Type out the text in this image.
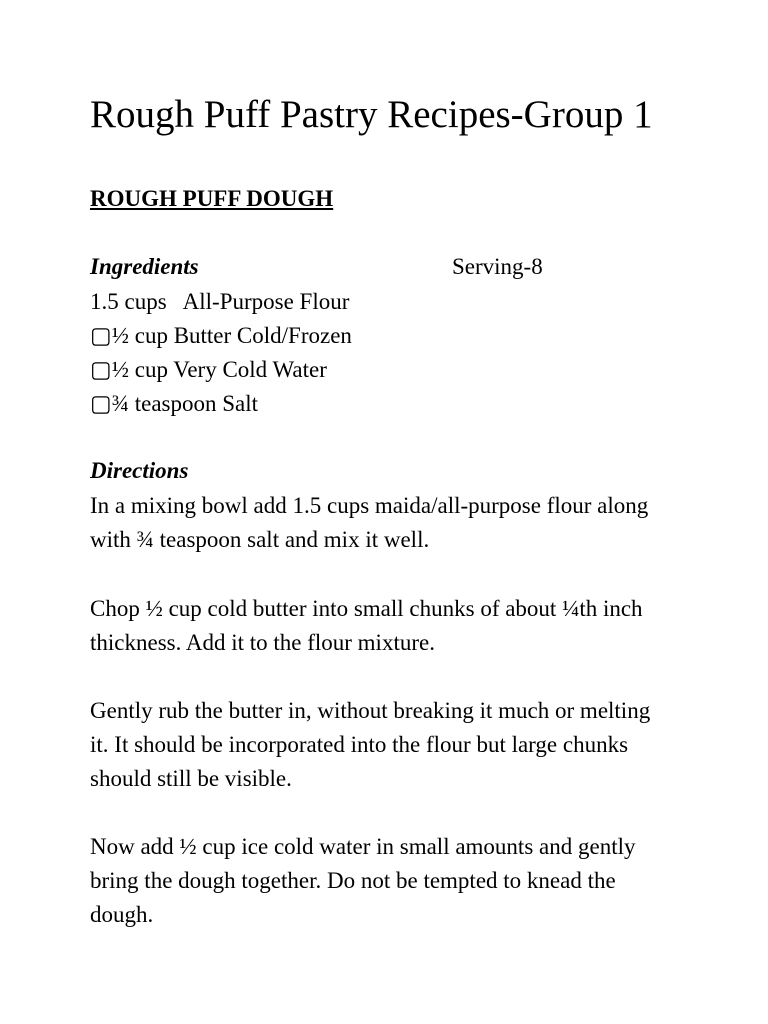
Rough Puff Pastry Recipes-Group 1
ROUGH PUFF DOUGH
Ingredients	Serving-8
1.5 cups   All-Purpose Flour
▢½ cup Butter Cold/Frozen
▢½ cup Very Cold Water
▢¾ teaspoon Salt
Directions

In a mixing bowl add 1.5 cups maida/all-purpose flour along with ¾ teaspoon salt and mix it well.

Chop ½ cup cold butter into small chunks of about ¼th inch thickness. Add it to the flour mixture.

Gently rub the butter in, without breaking it much or melting it. It should be incorporated into the flour but large chunks should still be visible.

Now add ½ cup ice cold water in small amounts and gently bring the dough together. Do not be tempted to knead the dough.
